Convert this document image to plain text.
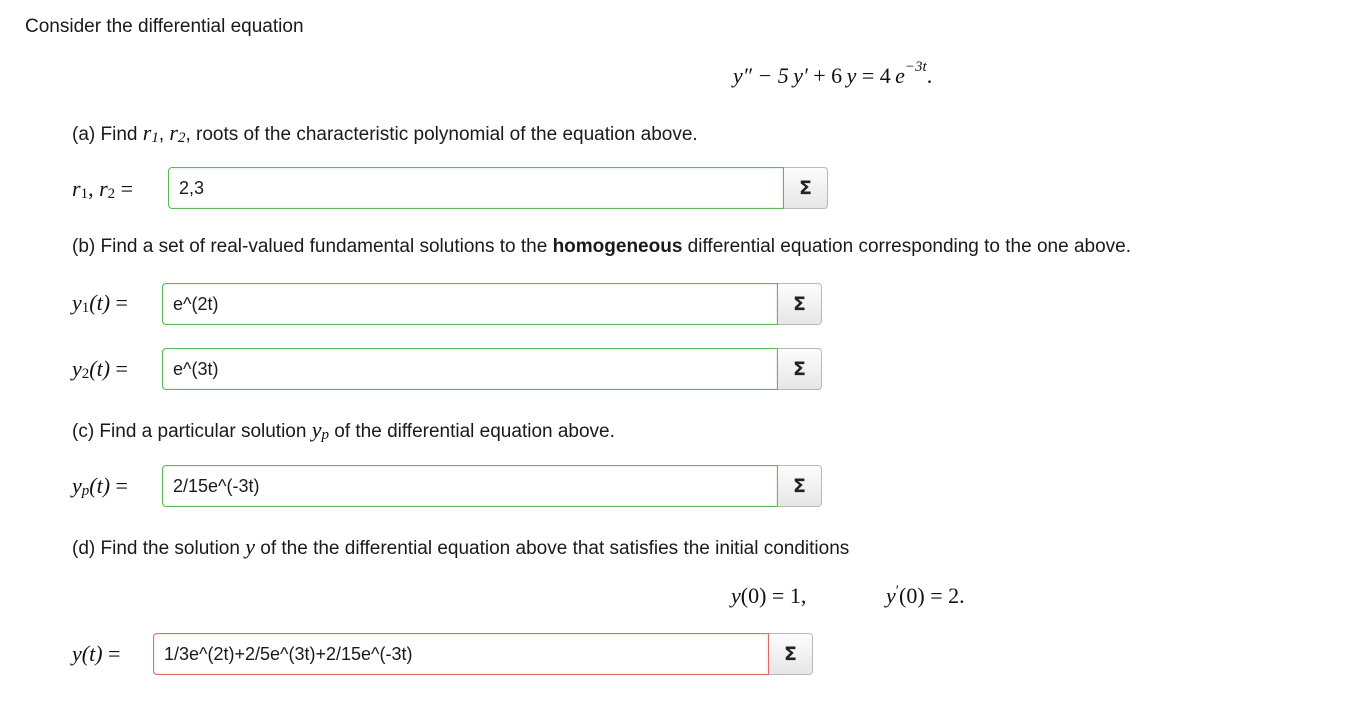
Consider the differential equation
y″ − 5 y′ + 6 y = 4 $e^{-3t}$.
(a) Find $r_1$, $r_2$, roots of the characteristic polynomial of the equation above.
$r_1$, $r_2$ =
2,3	Σ
(b) Find a set of real-valued fundamental solutions to the homogeneous differential equation corresponding to the one above.
$y_1(t)$ =
e^(2t)	Σ
$y_2(t)$ =
e^(3t)	Σ
(c) Find a particular solution $y_p$ of the differential equation above.
$y_p(t)$ =
2/15e^(-3t)	Σ
(d) Find the solution y of the the differential equation above that satisfies the initial conditions
y(0) = 1,	y′(0) = 2.
y(t) =
1/3e^(2t)+2/5e^(3t)+2/15e^(-3t)	Σ
